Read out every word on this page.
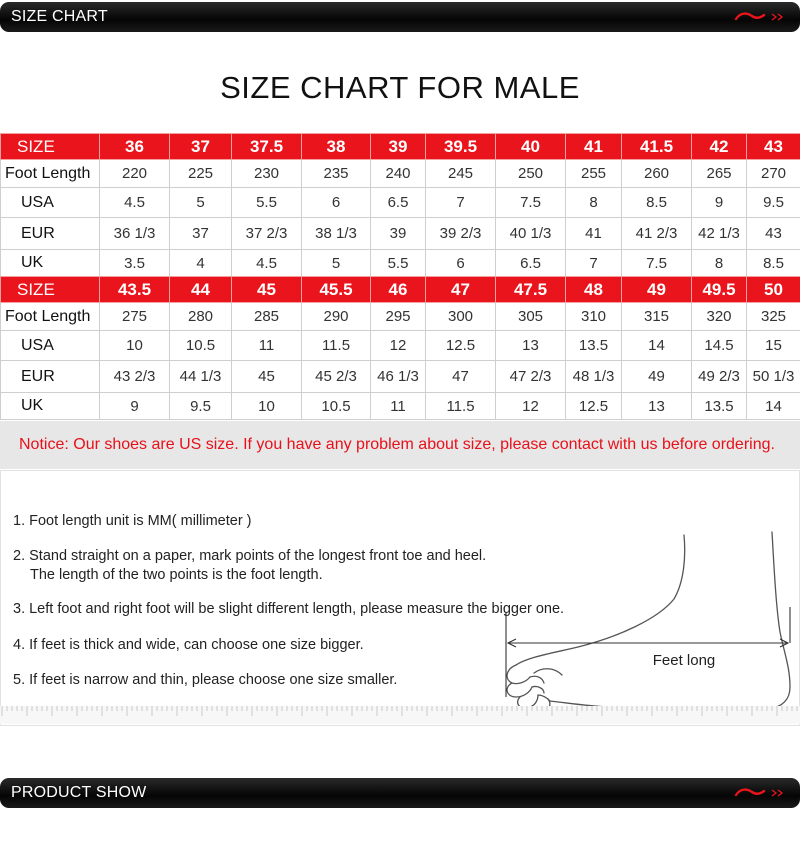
SIZE CHART
SIZE CHART FOR MALE
SIZE	36	37	37.5	38	39	39.5	40	41	41.5	42	43
Foot Length	220	225	230	235	240	245	250	255	260	265	270
USA	4.5	5	5.5	6	6.5	7	7.5	8	8.5	9	9.5
EUR	36 1/3	37	37 2/3	38 1/3	39	39 2/3	40 1/3	41	41 2/3	42 1/3	43
UK	3.5	4	4.5	5	5.5	6	6.5	7	7.5	8	8.5
SIZE	43.5	44	45	45.5	46	47	47.5	48	49	49.5	50
Foot Length	275	280	285	290	295	300	305	310	315	320	325
USA	10	10.5	11	11.5	12	12.5	13	13.5	14	14.5	15
EUR	43 2/3	44 1/3	45	45 2/3	46 1/3	47	47 2/3	48 1/3	49	49 2/3	50 1/3
UK	9	9.5	10	10.5	11	11.5	12	12.5	13	13.5	14
Notice: Our shoes are US size. If you have any problem about size, please contact with us before ordering.
1. Foot length unit is MM( millimeter )
2. Stand straight on a paper, mark points of the longest front toe and heel.
The length of the two points is the foot length.
3. Left foot and right foot will be slight different length, please measure the bigger one.
4. If feet is thick and wide, can choose one size bigger.
5. If feet is narrow and thin, please choose one size smaller.
Feet long
PRODUCT SHOW
